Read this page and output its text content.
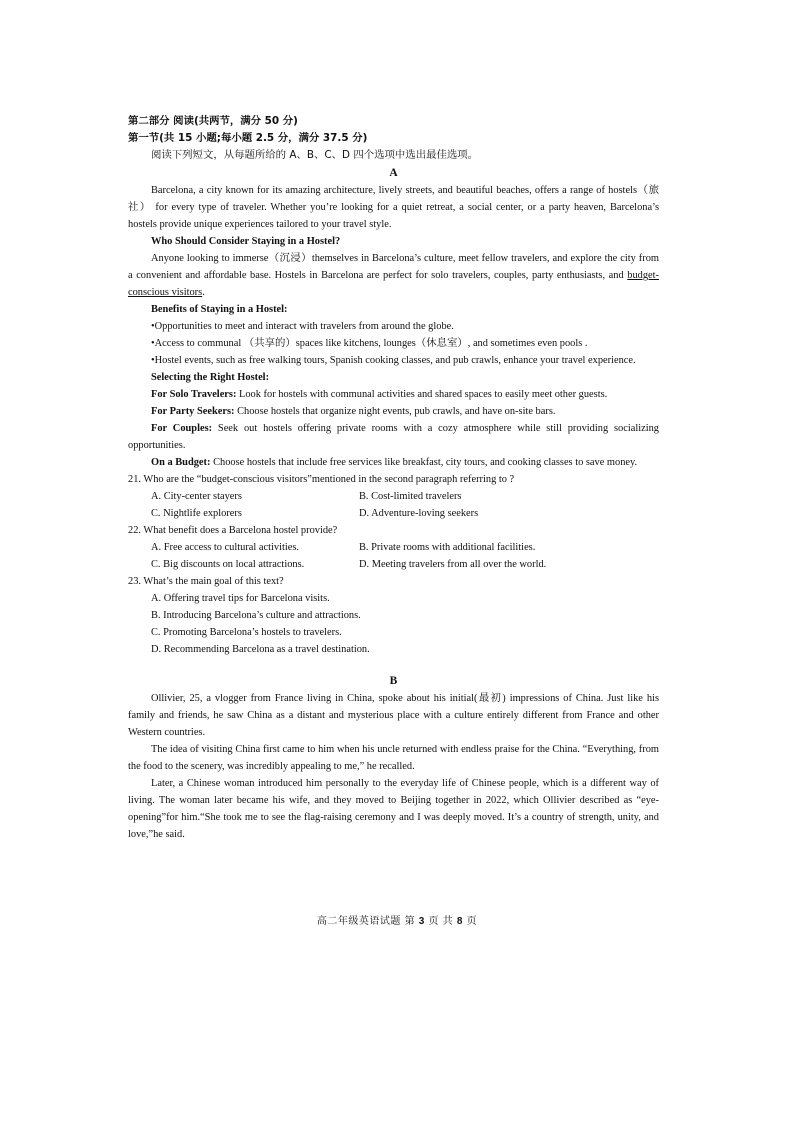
第二部分 阅读(共两节，满分 50 分)
第一节(共 15 小题;每小题 2.5 分，满分 37.5 分)
阅读下列短文，从每题所给的 A、B、C、D 四个选项中选出最佳选项。
A

Barcelona, a city known for its amazing architecture, lively streets, and beautiful beaches, offers a range of hostels（旅社） for every type of traveler. Whether you’re looking for a quiet retreat, a social center, or a party heaven, Barcelona’s hostels provide unique experiences tailored to your travel style.

Who Should Consider Staying in a Hostel?

Anyone looking to immerse（沉浸）themselves in Barcelona’s culture, meet fellow travelers, and explore the city from a convenient and affordable base. Hostels in Barcelona are perfect for solo travelers, couples, party enthusiasts, and budget-conscious visitors.

Benefits of Staying in a Hostel:

•Opportunities to meet and interact with travelers from around the globe.

•Access to communal （共享的）spaces like kitchens, lounges（休息室）, and sometimes even pools .

•Hostel events, such as free walking tours, Spanish cooking classes, and pub crawls, enhance your travel experience.

Selecting the Right Hostel:

For Solo Travelers: Look for hostels with communal activities and shared spaces to easily meet other guests.

For Party Seekers: Choose hostels that organize night events, pub crawls, and have on-site bars.

For Couples: Seek out hostels offering private rooms with a cozy atmosphere while still providing socializing opportunities.

On a Budget: Choose hostels that include free services like breakfast, city tours, and cooking classes to save money.

21. Who are the “budget-conscious visitors”mentioned in the second paragraph referring to ?

A. City-center stayers	B. Cost-limited travelers
C. Nightlife explorers	D. Adventure-loving seekers

22. What benefit does a Barcelona hostel provide?

A. Free access to cultural activities.	B. Private rooms with additional facilities.
C. Big discounts on local attractions.	D. Meeting travelers from all over the world.

23. What’s the main goal of this text?

A. Offering travel tips for Barcelona visits.
B. Introducing Barcelona’s culture and attractions.
C. Promoting Barcelona’s hostels to travelers.
D. Recommending Barcelona as a travel destination.
B

Ollivier, 25, a vlogger from France living in China, spoke about his initial(最初) impressions of China. Just like his family and friends, he saw China as a distant and mysterious place with a culture entirely different from France and other Western countries.

The idea of visiting China first came to him when his uncle returned with endless praise for the China. “Everything, from the food to the scenery, was incredibly appealing to me,” he recalled.

Later, a Chinese woman introduced him personally to the everyday life of Chinese people, which is a different way of living. The woman later became his wife, and they moved to Beijing together in 2022, which Ollivier described as “eye-opening”for him.“She took me to see the flag-raising ceremony and I was deeply moved. It’s a country of strength, unity, and love,”he said.

高二年级英语试题 第 3 页 共 8 页
